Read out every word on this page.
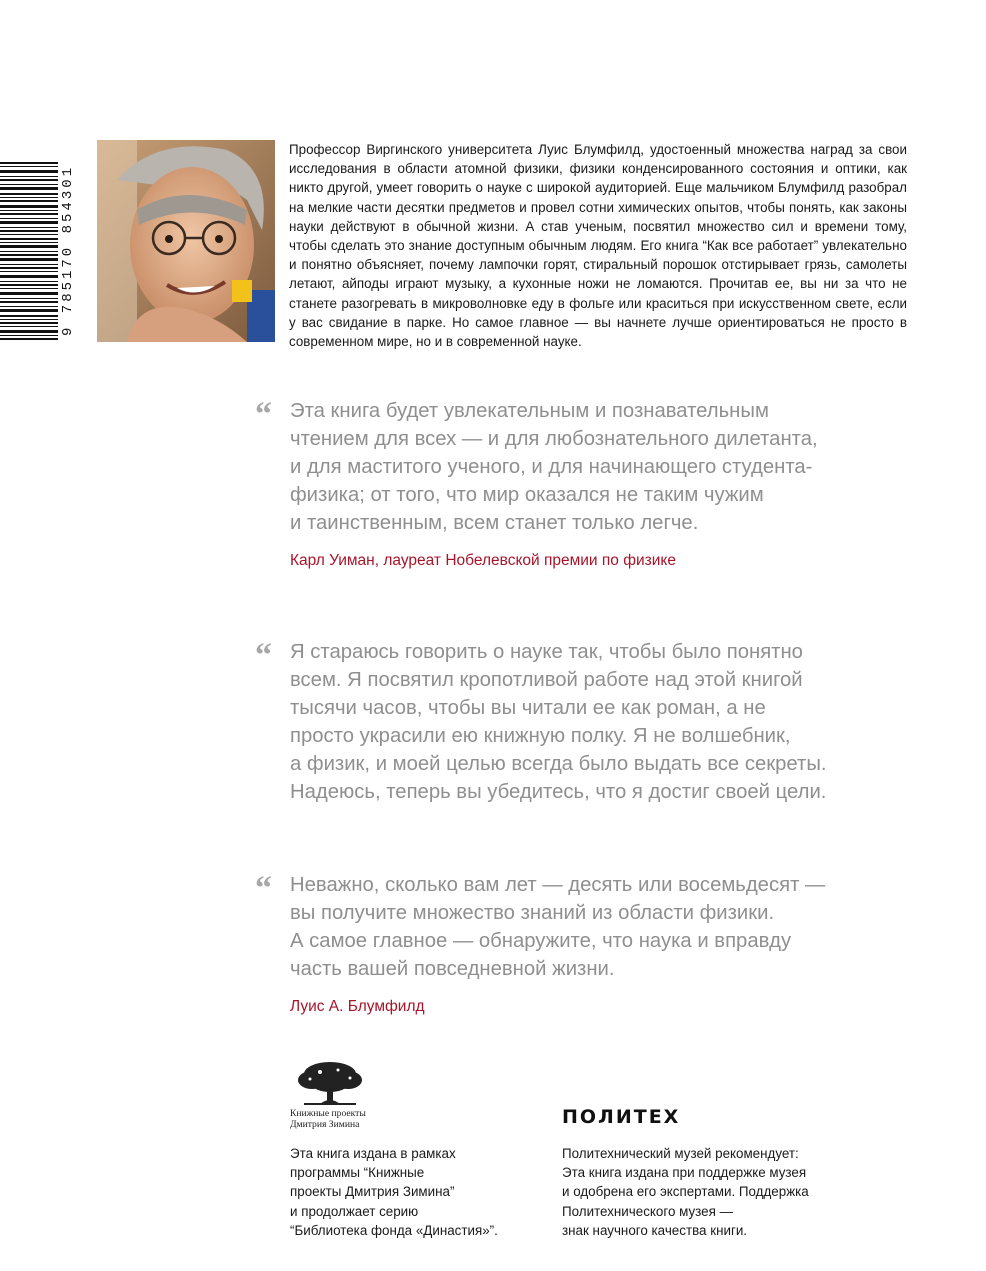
9 785170 854301
Профессор Виргинского университета Луис Блумфилд, удостоенный множества наград за свои исследования в области атомной физики, физики конденсированного состояния и оптики, как никто другой, умеет говорить о науке с широкой аудиторией. Еще мальчиком Блумфилд разобрал на мелкие части десятки предметов и провел сотни химических опытов, чтобы понять, как законы науки действуют в обычной жизни. А став ученым, посвятил множество сил и времени тому, чтобы сделать это знание доступным обычным людям. Его книга “Как все работает” увлекательно и понятно объясняет, почему лампочки горят, стиральный порошок отстирывает грязь, самолеты летают, айподы играют музыку, а кухонные ножи не ломаются. Прочитав ее, вы ни за что не станете разогревать в микроволновке еду в фольге или краситься при искусственном свете, если у вас свидание в парке. Но самое главное — вы начнете лучше ориентироваться не просто в современном мире, но и в современной науке.
“ Эта книга будет увлекательным и познавательным
чтением для всех — и для любознательного дилетанта,
и для маститого ученого, и для начинающего студента-
физика; от того, что мир оказался не таким чужим
и таинственным, всем станет только легче.
Карл Уиман, лауреат Нобелевской премии по физике
“ Я стараюсь говорить о науке так, чтобы было понятно
всем. Я посвятил кропотливой работе над этой книгой
тысячи часов, чтобы вы читали ее как роман, а не
просто украсили ею книжную полку. Я не волшебник,
а физик, и моей целью всегда было выдать все секреты.
Надеюсь, теперь вы убедитесь, что я достиг своей цели.
“ Неважно, сколько вам лет — десять или восемьдесят —
вы получите множество знаний из области физики.
А самое главное — обнаружите, что наука и вправду
часть вашей повседневной жизни.
Луис А. Блумфилд
Книжные проекты
Дмитрия Зимина
Эта книга издана в рамках
программы “Книжные
проекты Дмитрия Зимина”
и продолжает серию
“Библиотека фонда «Династия»”.
ПОЛИТЕХ
Политехнический музей рекомендует:
Эта книга издана при поддержке музея
и одобрена его экспертами. Поддержка
Политехнического музея —
знак научного качества книги.
